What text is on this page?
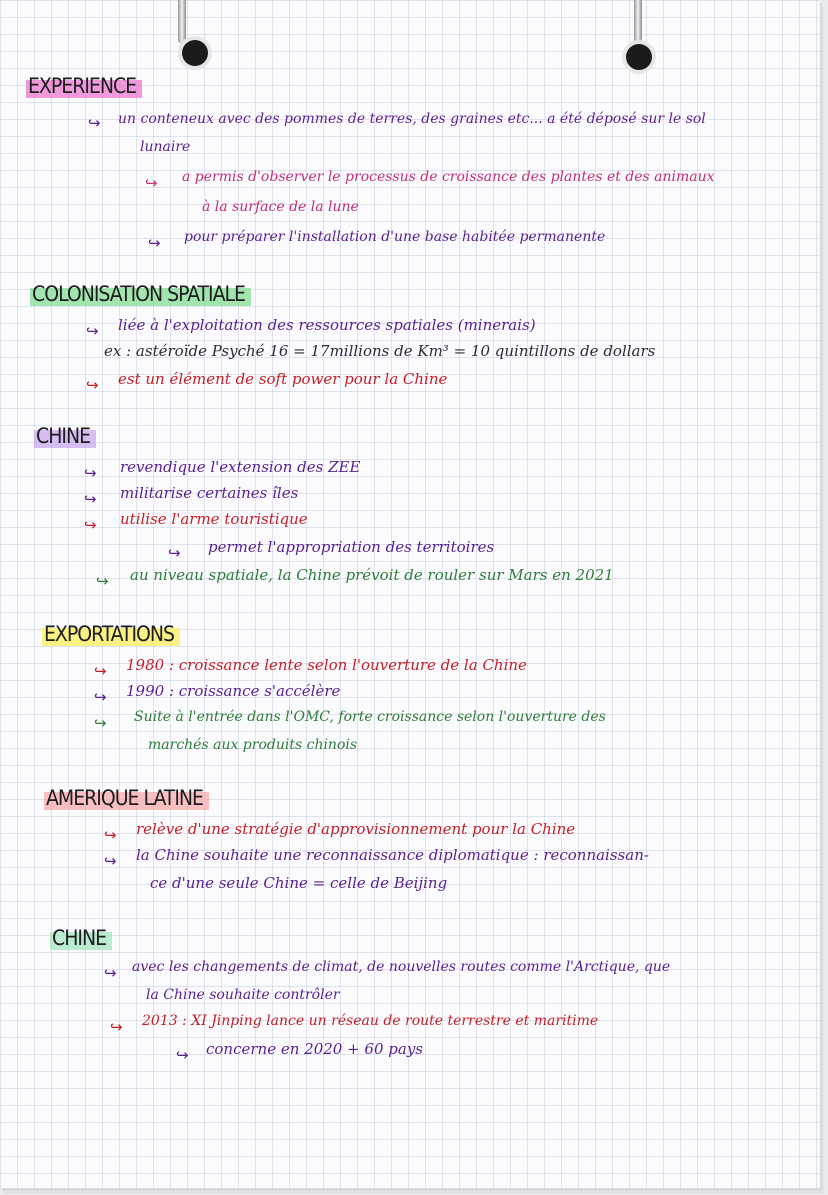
EXPERIENCE
↪ un conteneux avec des pommes de terres, des graines etc... a été déposé sur le sol
lunaire
↪ a permis d'observer le processus de croissance des plantes et des animaux
à la surface de la lune
↪ pour préparer l'installation d'une base habitée permanente
COLONISATION SPATIALE
↪ liée à l'exploitation des ressources spatiales (minerais)
ex : astéroïde Psyché 16 = 17millions de Km³ = 10 quintillons de dollars
↪ est un élément de soft power pour la Chine
CHINE
↪ revendique l'extension des ZEE
↪ militarise certaines îles
↪ utilise l'arme touristique
↪ permet l'appropriation des territoires
↪ au niveau spatiale, la Chine prévoit de rouler sur Mars en 2021
EXPORTATIONS
↪ 1980 : croissance lente selon l'ouverture de la Chine
↪ 1990 : croissance s'accélère
↪ Suite à l'entrée dans l'OMC, forte croissance selon l'ouverture des
marchés aux produits chinois
AMERIQUE LATINE
↪ relève d'une stratégie d'approvisionnement pour la Chine
↪ la Chine souhaite une reconnaissance diplomatique : reconnaissan-
ce d'une seule Chine = celle de Beijing
CHINE
↪ avec les changements de climat, de nouvelles routes comme l'Arctique, que
la Chine souhaite contrôler
↪ 2013 : XI Jinping lance un réseau de route terrestre et maritime
↪ concerne en 2020 + 60 pays
